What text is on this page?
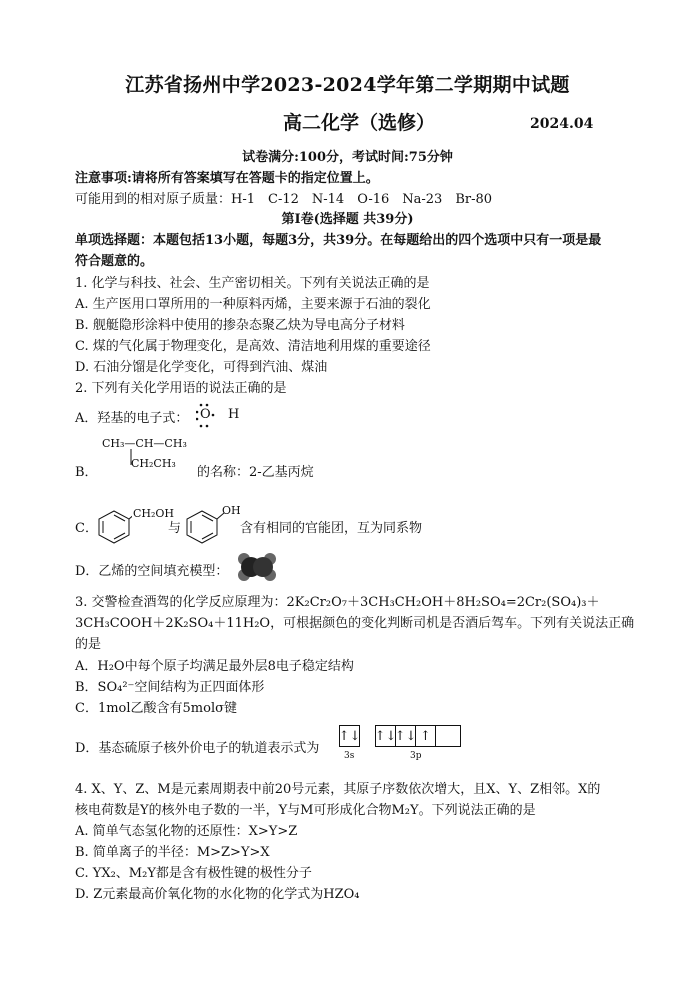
江苏省扬州中学2023-2024学年第二学期期中试题
高二化学（选修）	2024.04
试卷满分:100分，考试时间:75分钟
注意事项:请将所有答案填写在答题卡的指定位置上。
可能用到的相对原子质量：H-1　C-12　N-14　O-16　Na-23　Br-80
第I卷(选择题 共39分)
单项选择题：本题包括13小题，每题3分，共39分。在每题给出的四个选项中只有一项是最
符合题意的。
1. 化学与科技、社会、生产密切相关。下列有关说法正确的是
A. 生产医用口罩所用的一种原料丙烯，主要来源于石油的裂化
B. 舰艇隐形涂料中使用的掺杂态聚乙炔为导电高分子材料
C. 煤的气化属于物理变化，是高效、清洁地利用煤的重要途径
D. 石油分馏是化学变化，可得到汽油、煤油
2. 下列有关化学用语的说法正确的是
A．羟基的电子式： O H
B．
CH₃—CH—CH₃
CH₂CH₃
的名称：2-乙基丙烷
C．
CH₂OH
与
OH
含有相同的官能团，互为同系物
D．乙烯的空间填充模型：
3. 交警检查酒驾的化学反应原理为：2K₂Cr₂O₇＋3CH₃CH₂OH＋8H₂SO₄=2Cr₂(SO₄)₃＋
3CH₃COOH＋2K₂SO₄＋11H₂O，可根据颜色的变化判断司机是否酒后驾车。下列有关说法正确
的是
A．H₂O中每个原子均满足最外层8电子稳定结构
B．SO₄²⁻空间结构为正四面体形
C．1mol乙酸含有5molσ键
D．基态硫原子核外价电子的轨道表示式为
↑↓ ↑↓
↑↓ ↑
3s	3p
4. X、Y、Z、M是元素周期表中前20号元素，其原子序数依次增大，且X、Y、Z相邻。X的
核电荷数是Y的核外电子数的一半，Y与M可形成化合物M₂Y。下列说法正确的是
A. 简单气态氢化物的还原性：X>Y>Z
B. 简单离子的半径：M>Z>Y>X
C. YX₂、M₂Y都是含有极性键的极性分子
D. Z元素最高价氧化物的水化物的化学式为HZO₄
